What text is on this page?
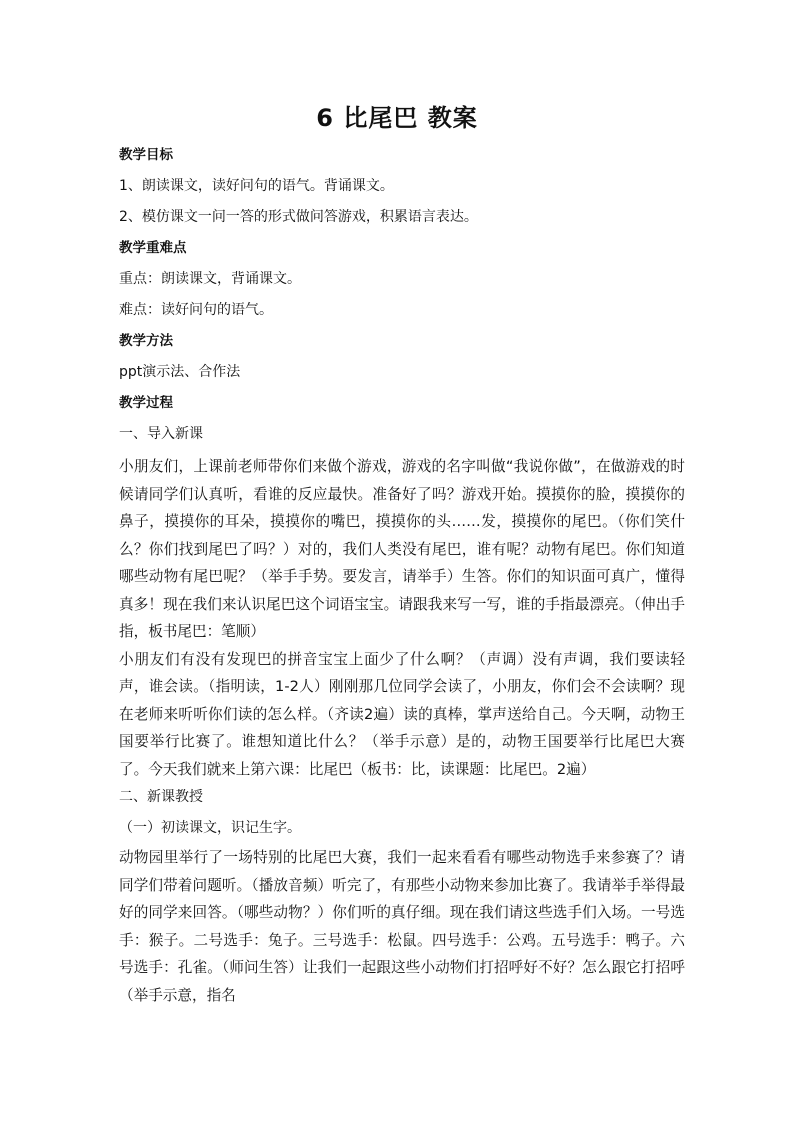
6 比尾巴 教案
教学目标
1、朗读课文，读好问句的语气。背诵课文。
2、模仿课文一问一答的形式做问答游戏，积累语言表达。
教学重难点
重点：朗读课文，背诵课文。
难点：读好问句的语气。
教学方法
ppt演示法、合作法
教学过程
一、导入新课
小朋友们，上课前老师带你们来做个游戏，游戏的名字叫做“我说你做”，在做游戏的时候请同学们认真听，看谁的反应最快。准备好了吗？游戏开始。摸摸你的脸，摸摸你的鼻子，摸摸你的耳朵，摸摸你的嘴巴，摸摸你的头……发，摸摸你的尾巴。（你们笑什么？你们找到尾巴了吗？）对的，我们人类没有尾巴，谁有呢？动物有尾巴。你们知道哪些动物有尾巴呢？（举手手势。要发言，请举手）生答。你们的知识面可真广，懂得真多！现在我们来认识尾巴这个词语宝宝。请跟我来写一写，谁的手指最漂亮。（伸出手指，板书尾巴：笔顺）
小朋友们有没有发现巴的拼音宝宝上面少了什么啊？（声调）没有声调，我们要读轻声，谁会读。（指明读，1-2人）刚刚那几位同学会读了，小朋友，你们会不会读啊？现在老师来听听你们读的怎么样。（齐读2遍）读的真棒，掌声送给自己。今天啊，动物王国要举行比赛了。谁想知道比什么？（举手示意）是的，动物王国要举行比尾巴大赛了。今天我们就来上第六课：比尾巴（板书：比，读课题：比尾巴。2遍）
二、新课教授
（一）初读课文，识记生字。
动物园里举行了一场特别的比尾巴大赛，我们一起来看看有哪些动物选手来参赛了？请同学们带着问题听。（播放音频）听完了，有那些小动物来参加比赛了。我请举手举得最好的同学来回答。（哪些动物？）你们听的真仔细。现在我们请这些选手们入场。一号选手：猴子。二号选手：兔子。三号选手：松鼠。四号选手：公鸡。五号选手：鸭子。六号选手：孔雀。（师问生答）让我们一起跟这些小动物们打招呼好不好？怎么跟它打招呼（举手示意，指名
